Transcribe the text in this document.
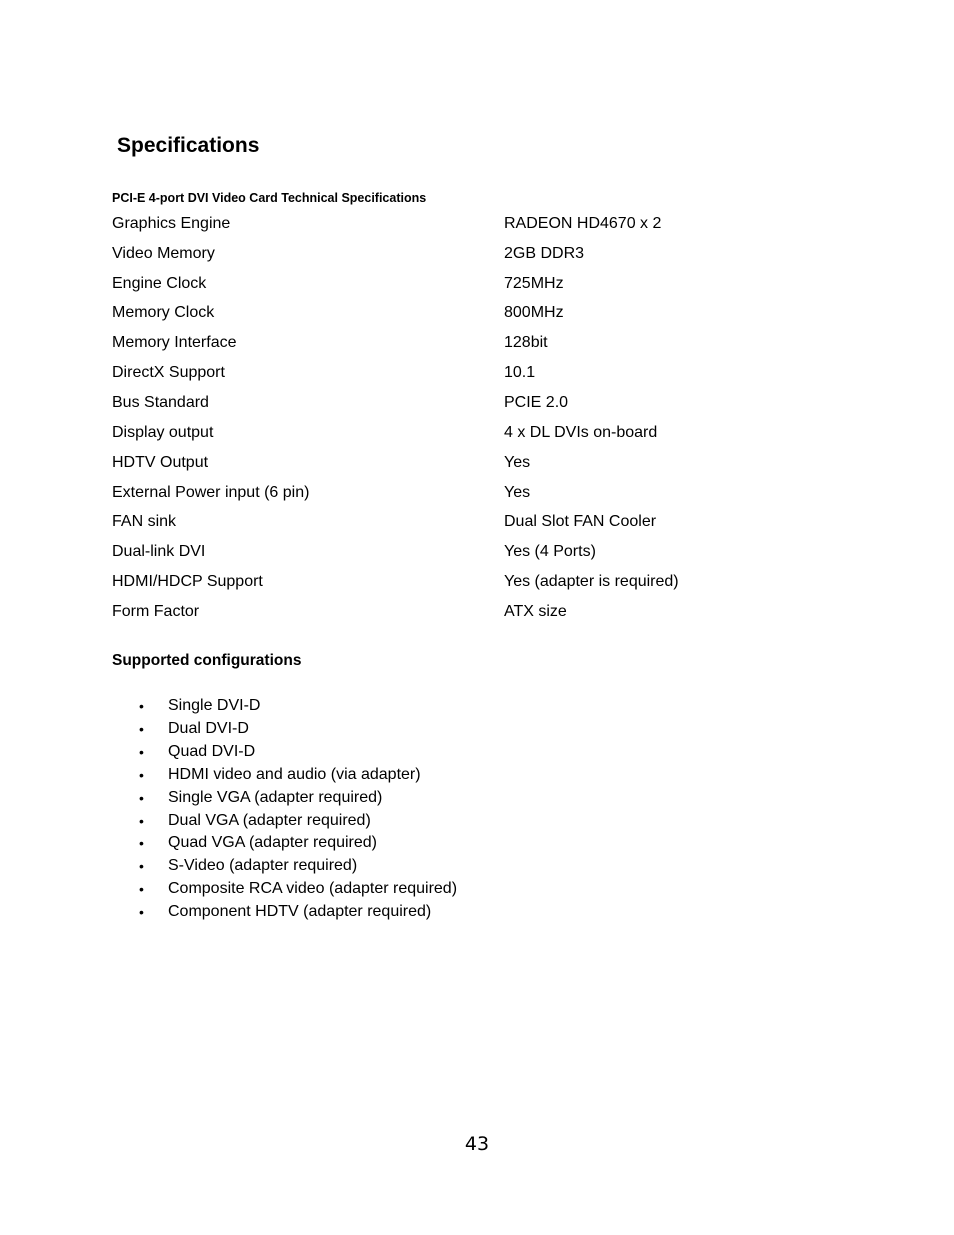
Specifications
PCI-E 4-port DVI Video Card Technical Specifications
Graphics Engine	RADEON HD4670 x 2
Video Memory	2GB DDR3
Engine Clock	725MHz
Memory Clock	800MHz
Memory Interface	128bit
DirectX Support	10.1
Bus Standard	PCIE 2.0
Display output	4 x DL DVIs on-board
HDTV Output	Yes
External Power input (6 pin)	Yes
FAN sink	Dual Slot FAN Cooler
Dual-link DVI	Yes (4 Ports)
HDMI/HDCP Support	Yes (adapter is required)
Form Factor	ATX size
Supported configurations
•	Single DVI-D
•	Dual DVI-D
•	Quad DVI-D
•	HDMI video and audio (via adapter)
•	Single VGA (adapter required)
•	Dual VGA (adapter required)
•	Quad VGA (adapter required)
•	S-Video (adapter required)
•	Composite RCA video (adapter required)
•	Component HDTV (adapter required)
43
